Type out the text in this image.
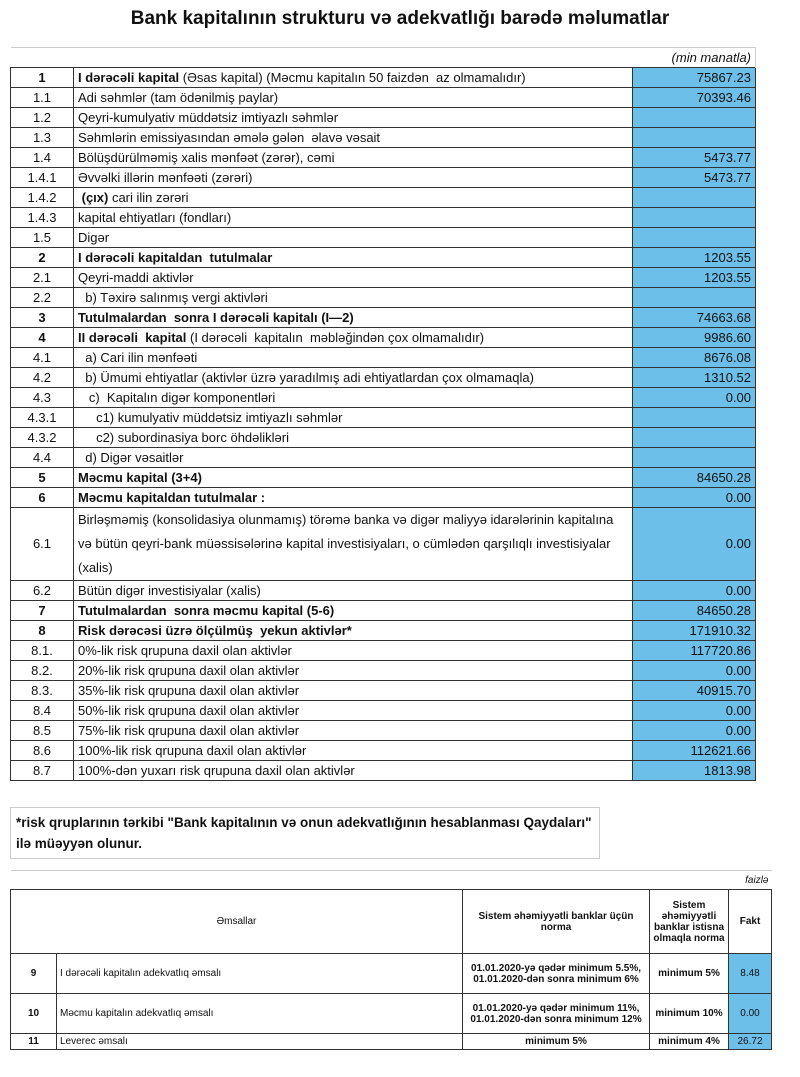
Bank kapitalının strukturu və adekvatlığı barədə məlumatlar
		(min manatla)
1	I dərəcəli kapital (Əsas kapital) (Məcmu kapitalın 50 faizdən  az olmamalıdır)	75867.23
1.1	Adi səhmlər (tam ödənilmiş paylar)	70393.46
1.2	Qeyri-kumulyativ müddətsiz imtiyazlı səhmlər	
1.3	Səhmlərin emissiyasından əmələ gələn  əlavə vəsait	
1.4	Bölüşdürülməmiş xalis mənfəət (zərər), cəmi	5473.77
1.4.1	Əvvəlki illərin mənfəəti (zərəri)	5473.77
1.4.2	(çıx) cari ilin zərəri	
1.4.3	kapital ehtiyatları (fondları)	
1.5	Digər	
2	I dərəcəli kapitaldan  tutulmalar	1203.55
2.1	Qeyri-maddi aktivlər	1203.55
2.2	b) Təxirə salınmış vergi aktivləri	
3	Tutulmalardan  sonra I dərəcəli kapitalı (I—2)	74663.68
4	II dərəcəli  kapital (I dərəcəli  kapitalın  məbləğindən çox olmamalıdır)	9986.60
4.1	a) Cari ilin mənfəəti	8676.08
4.2	b) Ümumi ehtiyatlar (aktivlər üzrə yaradılmış adi ehtiyatlardan çox olmamaqla)	1310.52
4.3	c)  Kapitalın digər komponentləri	0.00
4.3.1	c1) kumulyativ müddətsiz imtiyazlı səhmlər	
4.3.2	c2) subordinasiya borc öhdəlikləri	
4.4	d) Digər vəsaitlər	
5	Məcmu kapital (3+4)	84650.28
6	Məcmu kapitaldan tutulmalar :	0.00
6.1	Birləşməmiş (konsolidasiya olunmamış) törəmə banka və digər maliyyə idarələrinin kapitalına və bütün qeyri-bank müəssisələrinə kapital investisiyaları, o cümlədən qarşılıqlı investisiyalar (xalis)	0.00
6.2	Bütün digər investisiyalar (xalis)	0.00
7	Tutulmalardan  sonra məcmu kapital (5-6)	84650.28
8	Risk dərəcəsi üzrə ölçülmüş  yekun aktivlər*	171910.32
8.1.	0%-lik risk qrupuna daxil olan aktivlər	117720.86
8.2.	20%-lik risk qrupuna daxil olan aktivlər	0.00
8.3.	35%-lik risk qrupuna daxil olan aktivlər	40915.70
8.4	50%-lik risk qrupuna daxil olan aktivlər	0.00
8.5	75%-lik risk qrupuna daxil olan aktivlər	0.00
8.6	100%-lik risk qrupuna daxil olan aktivlər	112621.66
8.7	100%-dən yuxarı risk qrupuna daxil olan aktivlər	1813.98
*risk qruplarının tərkibi "Bank kapitalının və onun adekvatlığının hesablanması Qaydaları" ilə müəyyən olunur.
				faizlə
Əmsallar		Sistem əhəmiyyətli banklar üçün norma	Sistem əhəmiyyətli banklar istisna olmaqla norma	Fakt
9	I dərəcəli kapitalın adekvatlıq əmsalı	01.01.2020-yə qədər minimum 5.5%, 01.01.2020-dən sonra minimum 6%	minimum 5%	8.48
10	Məcmu kapitalın adekvatlıq əmsalı	01.01.2020-yə qədər minimum 11%, 01.01.2020-dən sonra minimum 12%	minimum 10%	0.00
11	Leverec əmsalı	minimum 5%	minimum 4%	26.72
